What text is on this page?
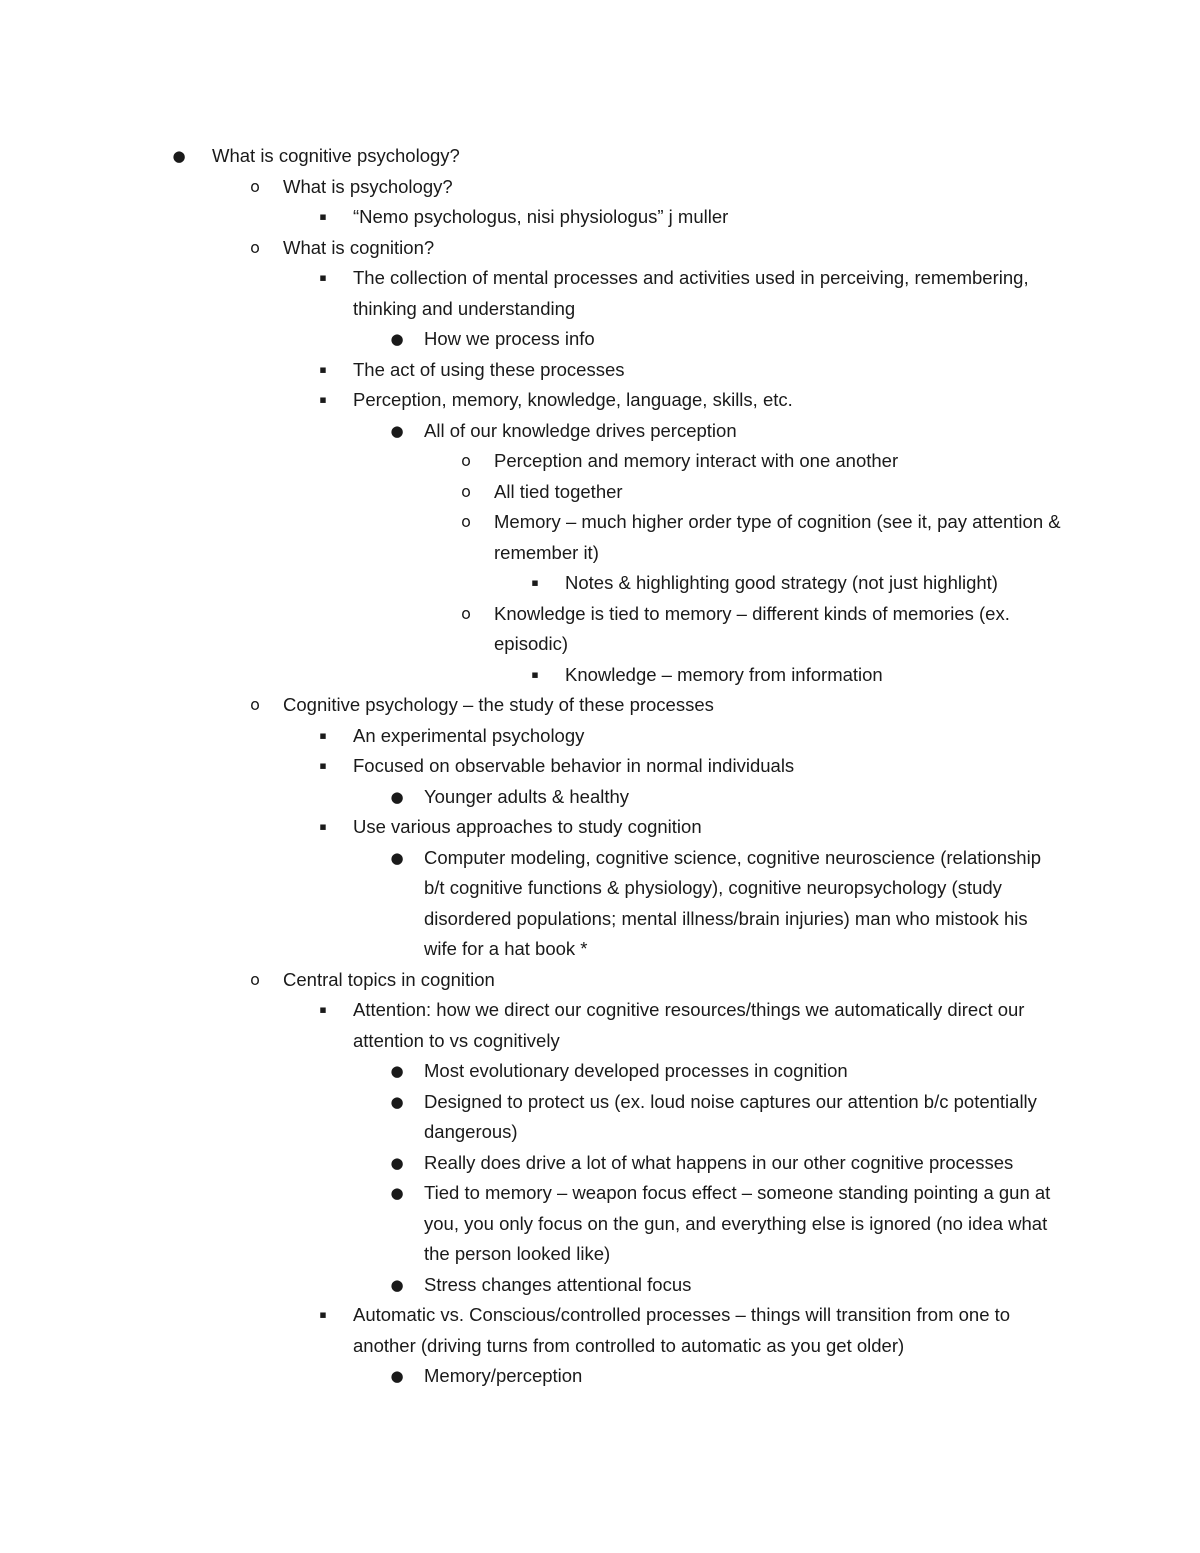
● What is cognitive psychology?
o	What is psychology?
▪	“Nemo psychologus, nisi physiologus” j muller
o	What is cognition?
▪	The collection of mental processes and activities used in perceiving, remembering, thinking and understanding
● How we process info
▪	The act of using these processes
▪	Perception, memory, knowledge, language, skills, etc.
● All of our knowledge drives perception
o	Perception and memory interact with one another
o	All tied together
o	Memory – much higher order type of cognition (see it, pay attention & remember it)
▪	Notes & highlighting good strategy (not just highlight)
o	Knowledge is tied to memory – different kinds of memories (ex. episodic)
▪	Knowledge – memory from information
o	Cognitive psychology – the study of these processes
▪	An experimental psychology
▪	Focused on observable behavior in normal individuals
● Younger adults & healthy
▪	Use various approaches to study cognition
● Computer modeling, cognitive science, cognitive neuroscience (relationship b/t cognitive functions & physiology), cognitive neuropsychology (study disordered populations; mental illness/brain injuries) man who mistook his wife for a hat book *
o	Central topics in cognition
▪	Attention: how we direct our cognitive resources/things we automatically direct our attention to vs cognitively
● Most evolutionary developed processes in cognition
● Designed to protect us (ex. loud noise captures our attention b/c potentially dangerous)
● Really does drive a lot of what happens in our other cognitive processes
● Tied to memory – weapon focus effect – someone standing pointing a gun at you, you only focus on the gun, and everything else is ignored (no idea what the person looked like)
● Stress changes attentional focus
▪	Automatic vs. Conscious/controlled processes – things will transition from one to another (driving turns from controlled to automatic as you get older)
● Memory/perception
